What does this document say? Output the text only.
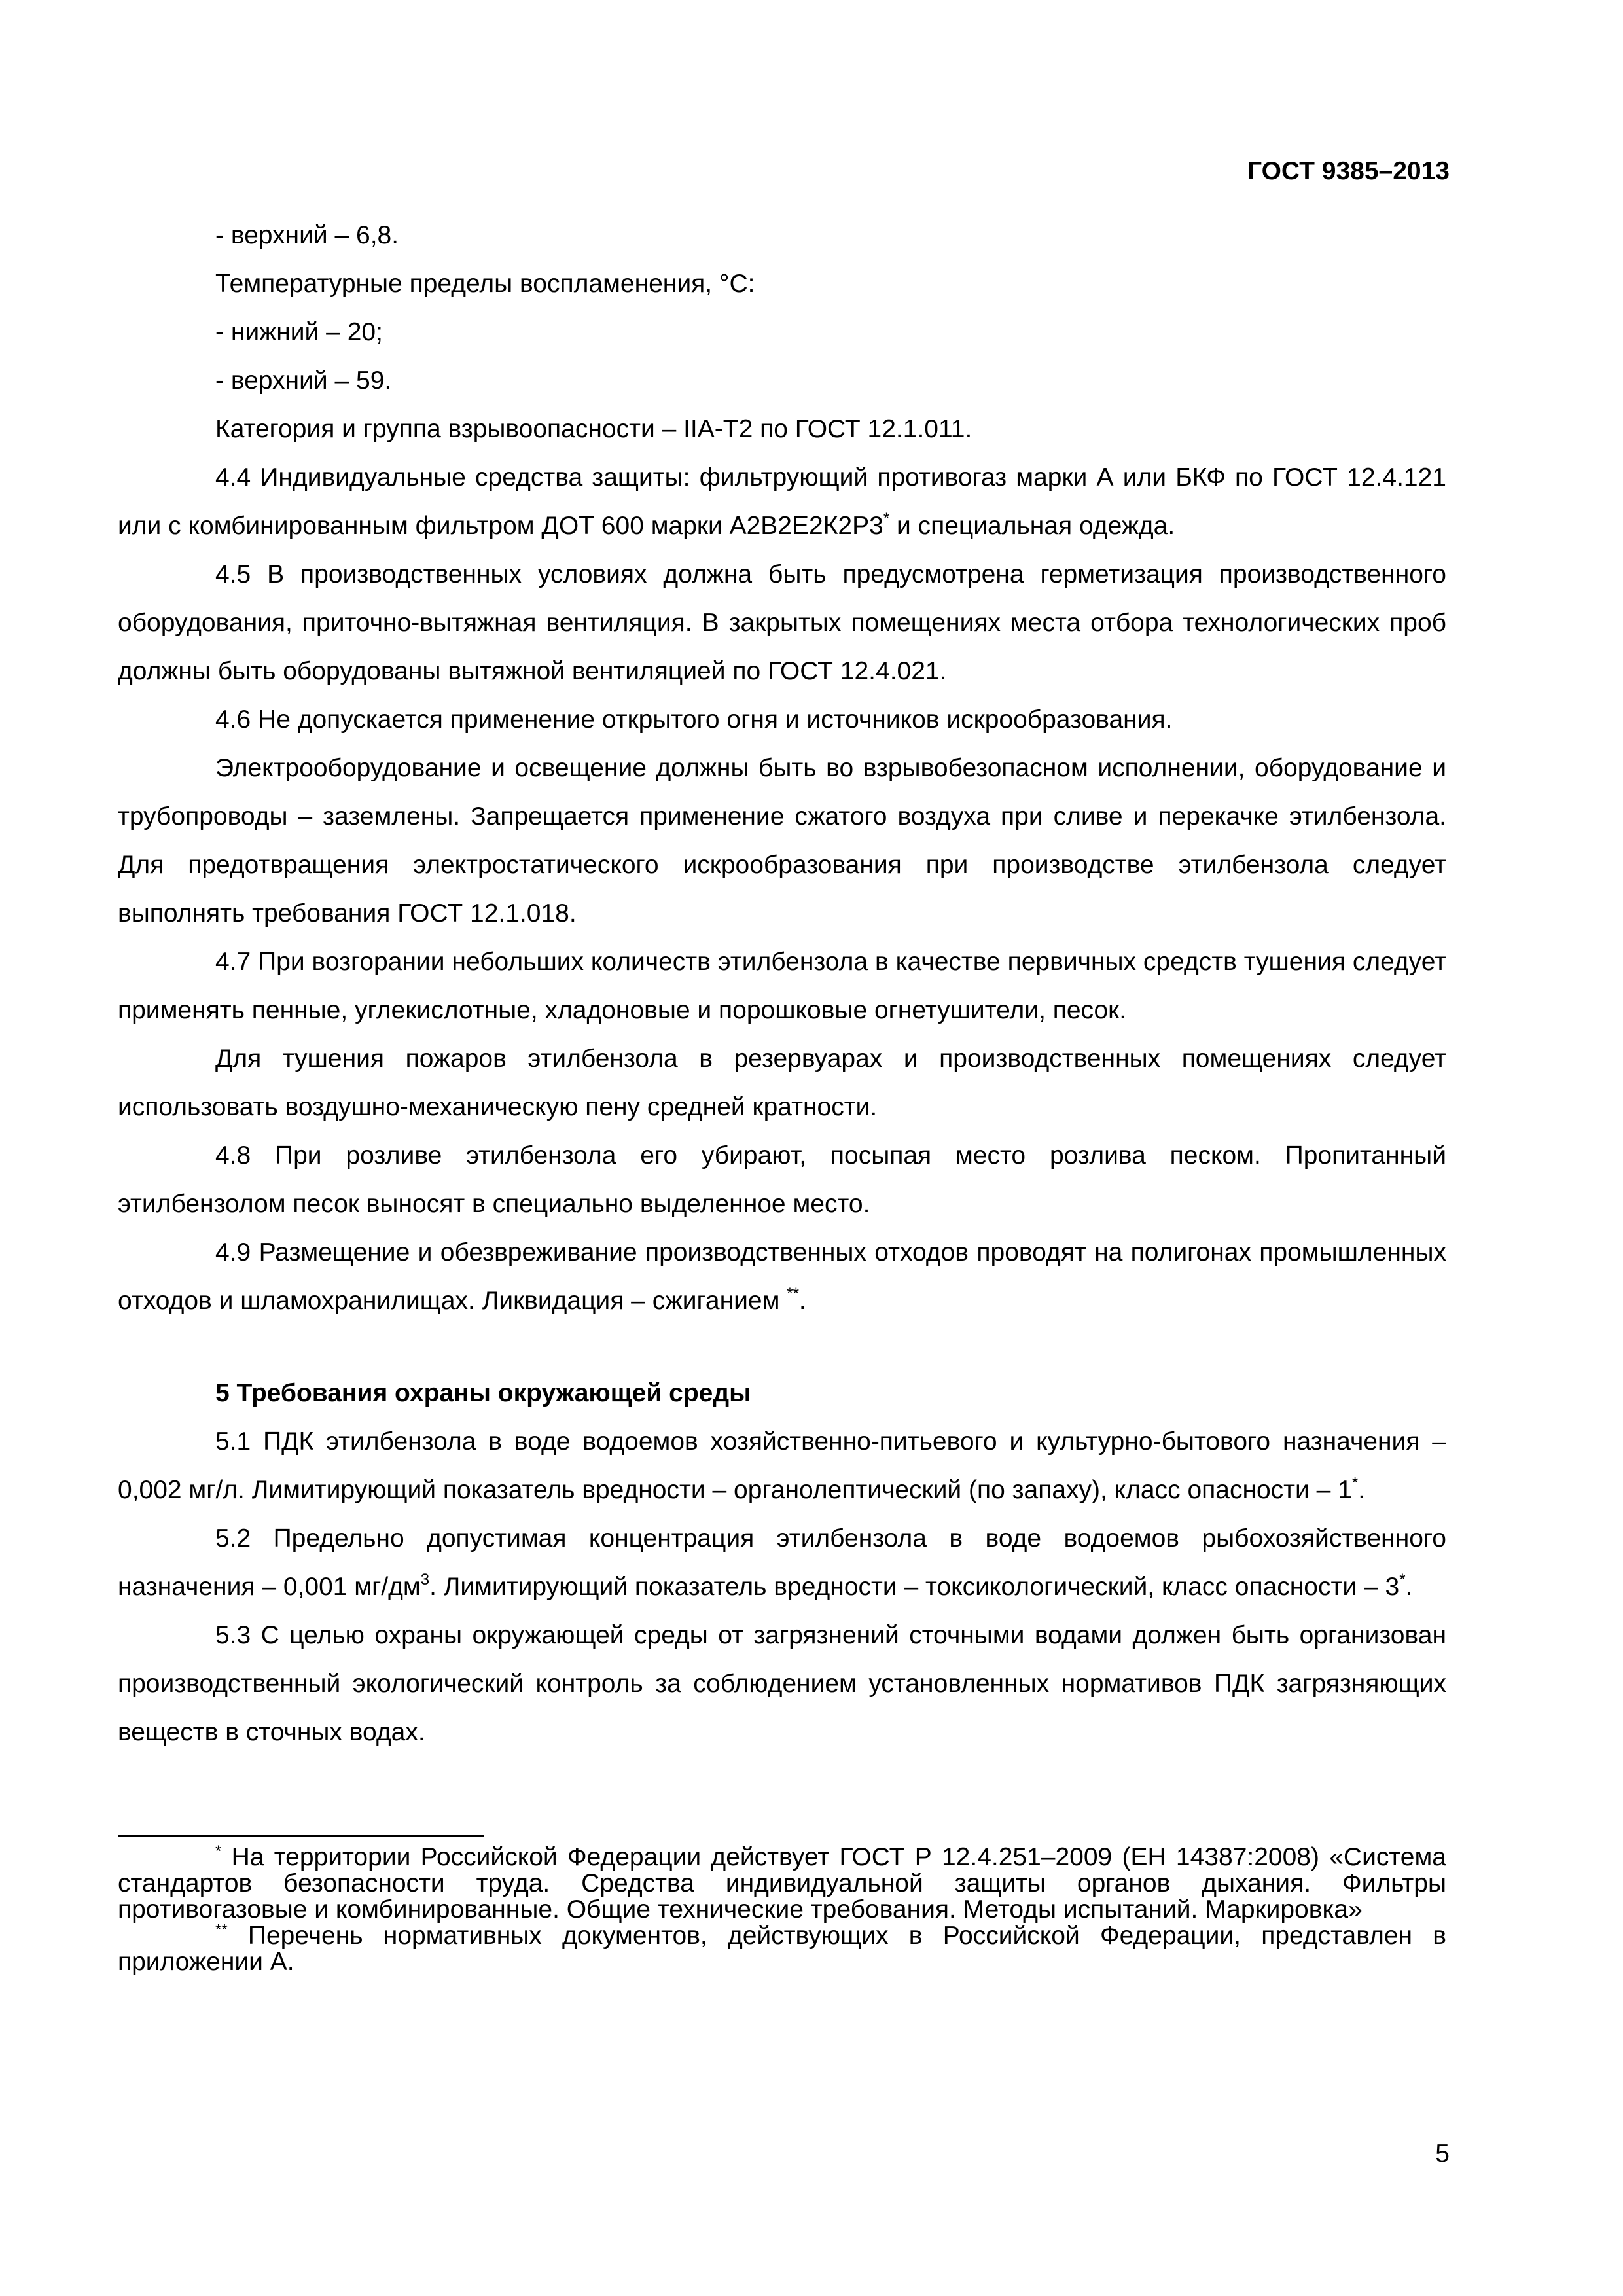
ГОСТ 9385–2013

- верхний – 6,8.

Температурные пределы воспламенения, °С:

- нижний – 20;

- верхний – 59.

Категория и группа взрывоопасности – IIA-Т2 по ГОСТ 12.1.011.

4.4 Индивидуальные средства защиты: фильтрующий противогаз марки А или БКФ по ГОСТ 12.4.121 или с комбинированным фильтром ДОТ 600 марки А2В2Е2К2Р3* и специальная одежда.

4.5 В производственных условиях должна быть предусмотрена герметизация производственного оборудования, приточно-вытяжная вентиляция. В закрытых помещениях места отбора технологических проб должны быть оборудованы вытяжной вентиляцией по ГОСТ 12.4.021.

4.6 Не допускается применение открытого огня и источников искрообразования.

Электрооборудование и освещение должны быть во взрывобезопасном исполнении, оборудование и трубопроводы – заземлены. Запрещается применение сжатого воздуха при сливе и перекачке этилбензола. Для предотвращения электростатического искрообразования при производстве этилбензола следует выполнять требования ГОСТ 12.1.018.

4.7 При возгорании небольших количеств этилбензола в качестве первичных средств тушения следует применять пенные, углекислотные, хладоновые и порошковые огнетушители, песок.

Для тушения пожаров этилбензола в резервуарах и производственных помещениях следует использовать воздушно-механическую пену средней кратности.

4.8 При розливе этилбензола его убирают, посыпая место розлива песком. Пропитанный этилбензолом песок выносят в специально выделенное место.

4.9 Размещение и обезвреживание производственных отходов проводят на полигонах промышленных отходов и шламохранилищах. Ликвидация – сжиганием **.

5 Требования охраны окружающей среды

5.1 ПДК этилбензола в воде водоемов хозяйственно-питьевого и культурно-бытового назначения – 0,002 мг/л. Лимитирующий показатель вредности – органолептический (по запаху), класс опасности – 1*.

5.2 Предельно допустимая концентрация этилбензола в воде водоемов рыбохозяйственного назначения – 0,001 $мг/дм^3$. Лимитирующий показатель вредности – токсикологический, класс опасности – 3*.

5.3 С целью охраны окружающей среды от загрязнений сточными водами должен быть организован производственный экологический контроль за соблюдением установленных нормативов ПДК загрязняющих веществ в сточных водах.

* На территории Российской Федерации действует ГОСТ Р 12.4.251–2009 (ЕН 14387:2008) «Система стандартов безопасности труда. Средства индивидуальной защиты органов дыхания. Фильтры противогазовые и комбинированные. Общие технические требования. Методы испытаний. Маркировка»

** Перечень нормативных документов, действующих в Российской Федерации, представлен в приложении А.

5
